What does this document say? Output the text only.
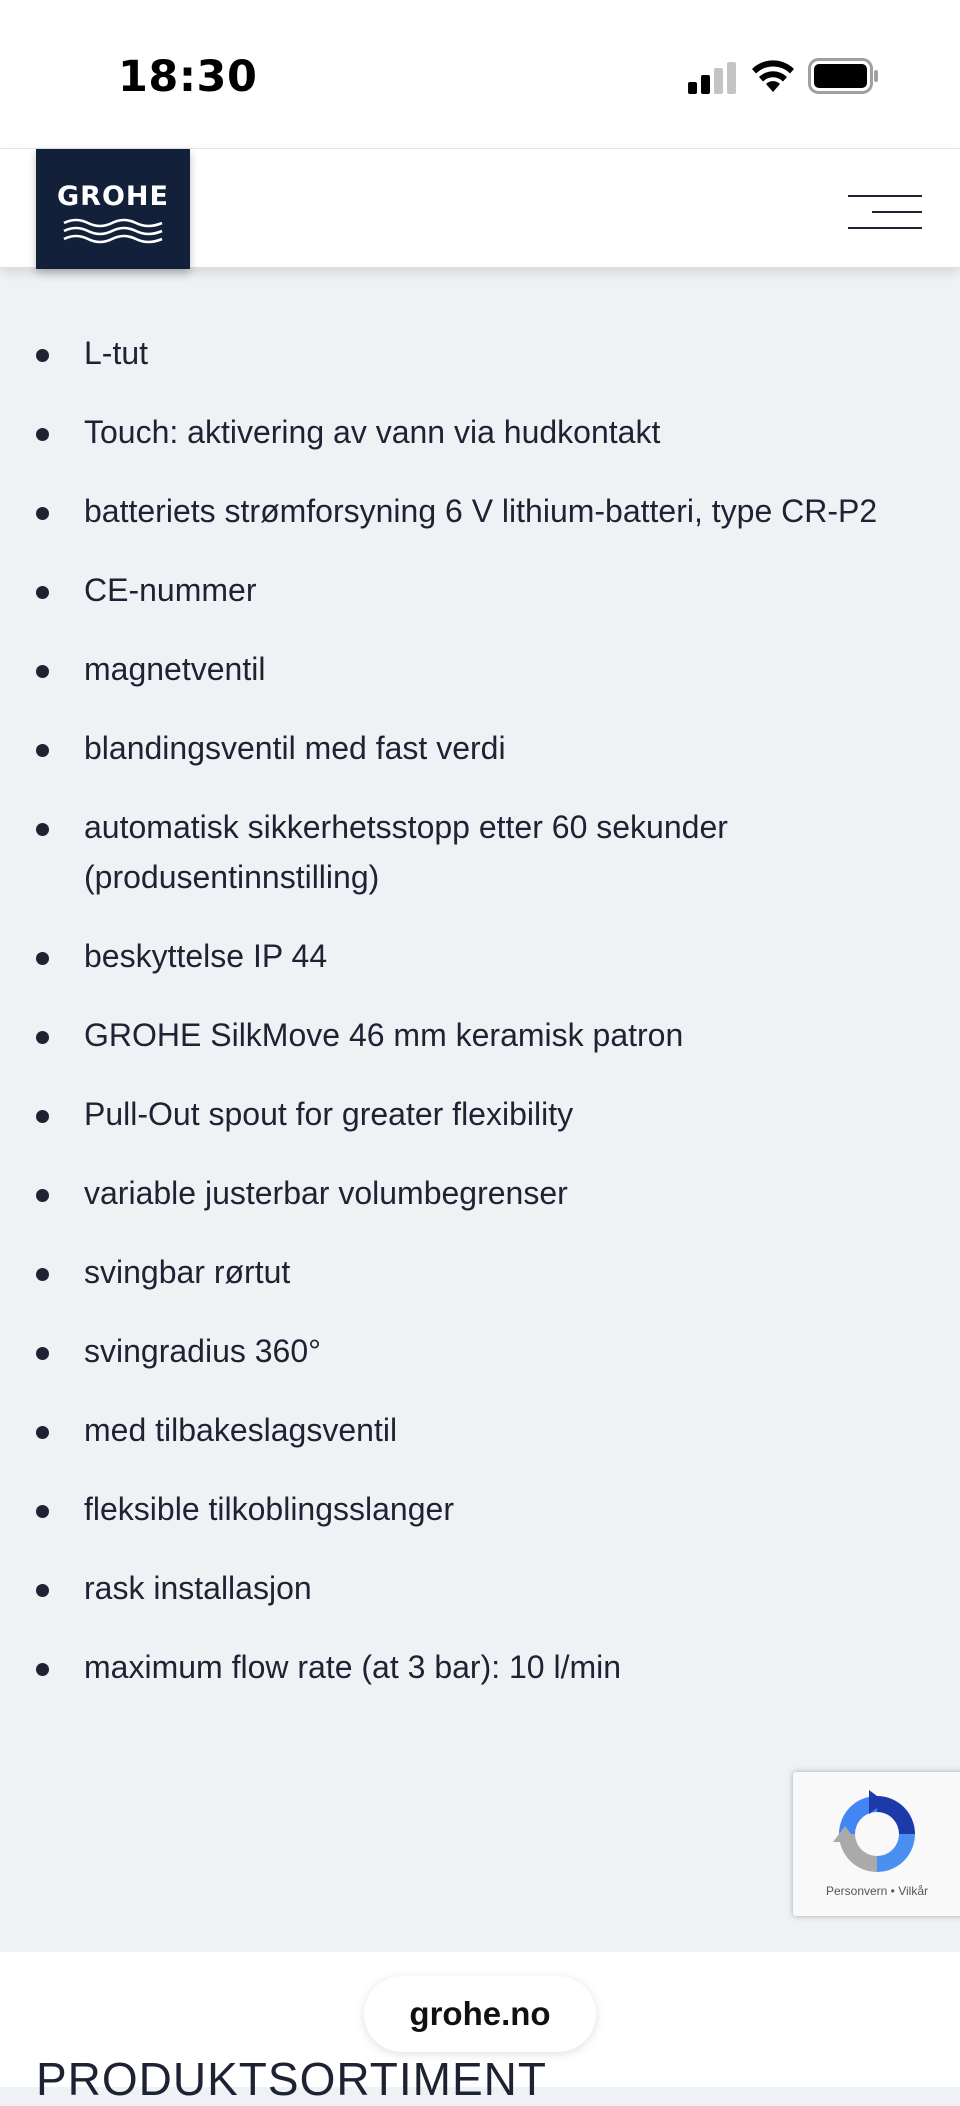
18:30
GROHE
L-tut
Touch: aktivering av vann via hudkontakt
batteriets strømforsyning 6 V lithium-batteri, type CR-P2
CE-nummer
magnetventil
blandingsventil med fast verdi
automatisk sikkerhetsstopp etter 60 sekunder (produsentinnstilling)
beskyttelse IP 44
GROHE SilkMove 46 mm keramisk patron
Pull-Out spout for greater flexibility
variable justerbar volumbegrenser
svingbar rørtut
svingradius 360°
med tilbakeslagsventil
fleksible tilkoblingsslanger
rask installasjon
maximum flow rate (at 3 bar): 10 l/min
Personvern • Vilkår
PRODUKTSORTIMENT
grohe.no
